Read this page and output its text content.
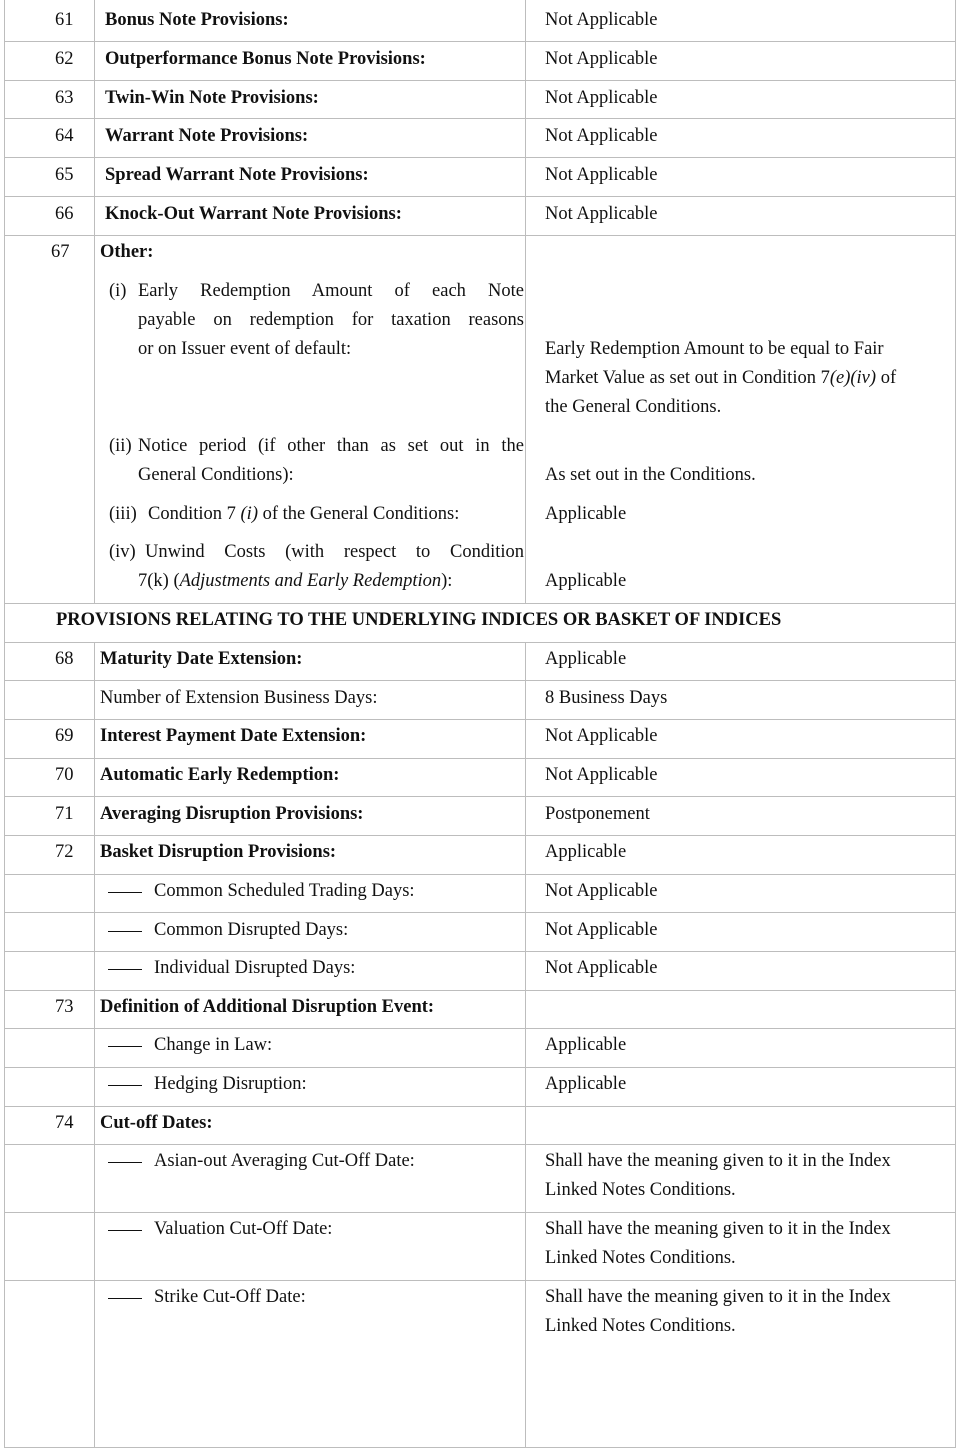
61 Bonus Note Provisions:	Not Applicable
62 Outperformance Bonus Note Provisions:	Not Applicable
63 Twin-Win Note Provisions:	Not Applicable
64 Warrant Note Provisions:	Not Applicable
65 Spread Warrant Note Provisions:	Not Applicable
66 Knock-Out Warrant Note Provisions:	Not Applicable
67 Other:
(i) Early Redemption Amount of each Note
payable on redemption for taxation reasons
or on Issuer event of default:	Early Redemption Amount to be equal to Fair
Market Value as set out in Condition 7(e)(iv) of
the General Conditions.
(ii) Notice period (if other than as set out in the
General Conditions):	As set out in the Conditions.
(iii) Condition 7 (i) of the General Conditions:	Applicable
(iv) Unwind Costs (with respect to Condition
7(k) (Adjustments and Early Redemption):	Applicable
PROVISIONS RELATING TO THE UNDERLYING INDICES OR BASKET OF INDICES
68 Maturity Date Extension:	Applicable
Number of Extension Business Days:	8 Business Days
69 Interest Payment Date Extension:	Not Applicable
70 Automatic Early Redemption:	Not Applicable
71 Averaging Disruption Provisions:	Postponement
72 Basket Disruption Provisions:	Applicable
Common Scheduled Trading Days:	Not Applicable
Common Disrupted Days:	Not Applicable
Individual Disrupted Days:	Not Applicable
73 Definition of Additional Disruption Event:
Change in Law:	Applicable
Hedging Disruption:	Applicable
74 Cut-off Dates:
Asian-out Averaging Cut-Off Date:	Shall have the meaning given to it in the Index
Linked Notes Conditions.
Valuation Cut-Off Date:	Shall have the meaning given to it in the Index
Linked Notes Conditions.
Strike Cut-Off Date:	Shall have the meaning given to it in the Index
Linked Notes Conditions.
